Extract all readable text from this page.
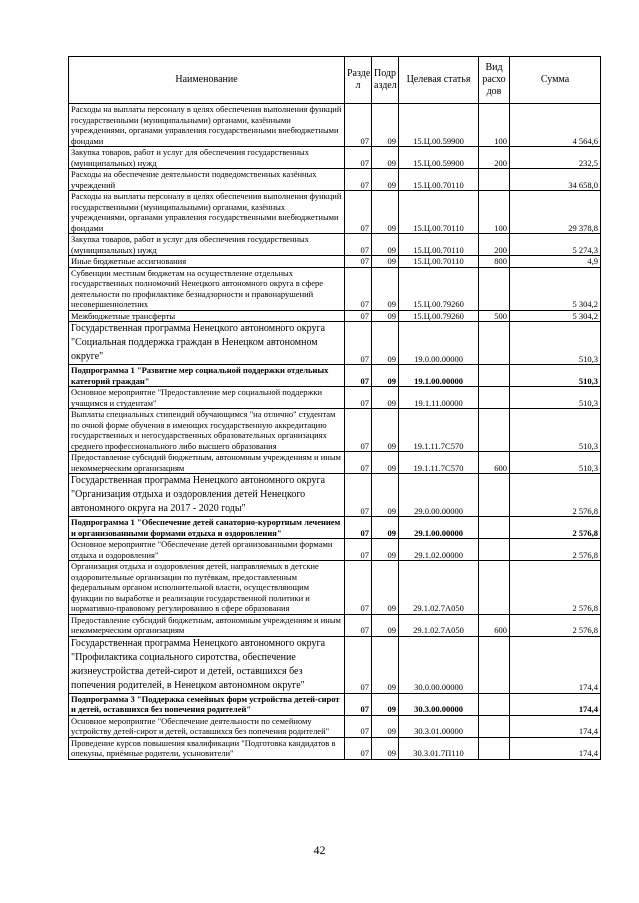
Наименование	Разде л	Подр аздел	Целевая статья	Вид расхо дов	Сумма
Расходы на выплаты персоналу в целях обеспечения выполнения функций государственными (муниципальными) органами, казёнными учреждениями, органами управления государственными внебюджетными фондами	07	09	15.Ц.00.59900	100	4 564,6
Закупка товаров, работ и услуг для обеспечения государственных (муниципальных) нужд	07	09	15.Ц.00.59900	200	232,5
Расходы на обеспечение деятельности подведомственных казённых учреждений	07	09	15.Ц.00.70110		34 658,0
Расходы на выплаты персоналу в целях обеспечения выполнения функций государственными (муниципальными) органами, казённых учреждениями, органами управления государственными внебюджетными фондами	07	09	15.Ц.00.70110	100	29 378,8
Закупка товаров, работ и услуг для обеспечения государственных (муниципальных) нужд	07	09	15.Ц.00.70110	200	5 274,3
Иные бюджетные ассигнования	07	09	15.Ц.00.70110	800	4,9
Субвенции местным бюджетам на осуществление отдельных государственных полномочий Ненецкого автономного округа в сфере деятельности по профилактике безнадзорности и правонарушений несовершеннолетних	07	09	15.Ц.00.79260		5 304,2
Межбюджетные трансферты	07	09	15.Ц.00.79260	500	5 304,2
Государственная программа Ненецкого автономного округа "Социальная поддержка граждан в Ненецком автономном округе"	07	09	19.0.00.00000		510,3
Подпрограмма 1 "Развитие мер социальной поддержки отдельных категорий граждан"	07	09	19.1.00.00000		510,3
Основное мероприятие "Предоставление мер социальной поддержки учащимся и студентам"	07	09	19.1.11.00000		510,3
Выплаты специальных стипендий обучающимся "на отлично" студентам по очной форме обучения в имеющих государственную аккредитацию государственных и негосударственных образовательных организациях среднего профессионального либо высшего образования	07	09	19.1.11.7С570		510,3
Предоставление субсидий бюджетным, автономным учреждениям и иным некоммерческим организациям	07	09	19.1.11.7С570	600	510,3
Государственная программа Ненецкого автономного округа "Организация отдыха и оздоровления детей Ненецкого автономного округа на 2017 - 2020 годы"	07	09	29.0.00.00000		2 576,8
Подпрограмма 1 "Обеспечение детей санаторно-курортным лечением и организованными формами отдыха и оздоровления"	07	09	29.1.00.00000		2 576,8
Основное мероприятие "Обеспечение детей организованными формами отдыха и оздоровления"	07	09	29.1.02.00000		2 576,8
Организация отдыха и оздоровления детей, направляемых в детские оздоровительные организации по путёвкам, предоставленным федеральным органом исполнительной власти, осуществляющим функции по выработке и реализации государственной политики и нормативно-правовому регулированию в сфере образования	07	09	29.1.02.7А050		2 576,8
Предоставление субсидий бюджетным, автономным учреждениям и иным некоммерческим организациям	07	09	29.1.02.7А050	600	2 576,8
Государственная программа Ненецкого автономного округа "Профилактика социального сиротства, обеспечение жизнеустройства детей-сирот и детей, оставшихся без попечения родителей, в Ненецком автономном округе"	07	09	30.0.00.00000		174,4
Подпрограмма 3 "Поддержка семейных форм устройства детей-сирот и детей, оставшихся без попечения родителей"	07	09	30.3.00.00000		174,4
Основное мероприятие "Обеспечение деятельности по семейному устройству детей-сирот и детей, оставшихся без попечения родителей"	07	09	30.3.01.00000		174,4
Проведение курсов повышения квалификации "Подготовка кандидатов в опекуны, приёмные родители, усыновители"	07	09	30.3.01.7П110		174,4
42
